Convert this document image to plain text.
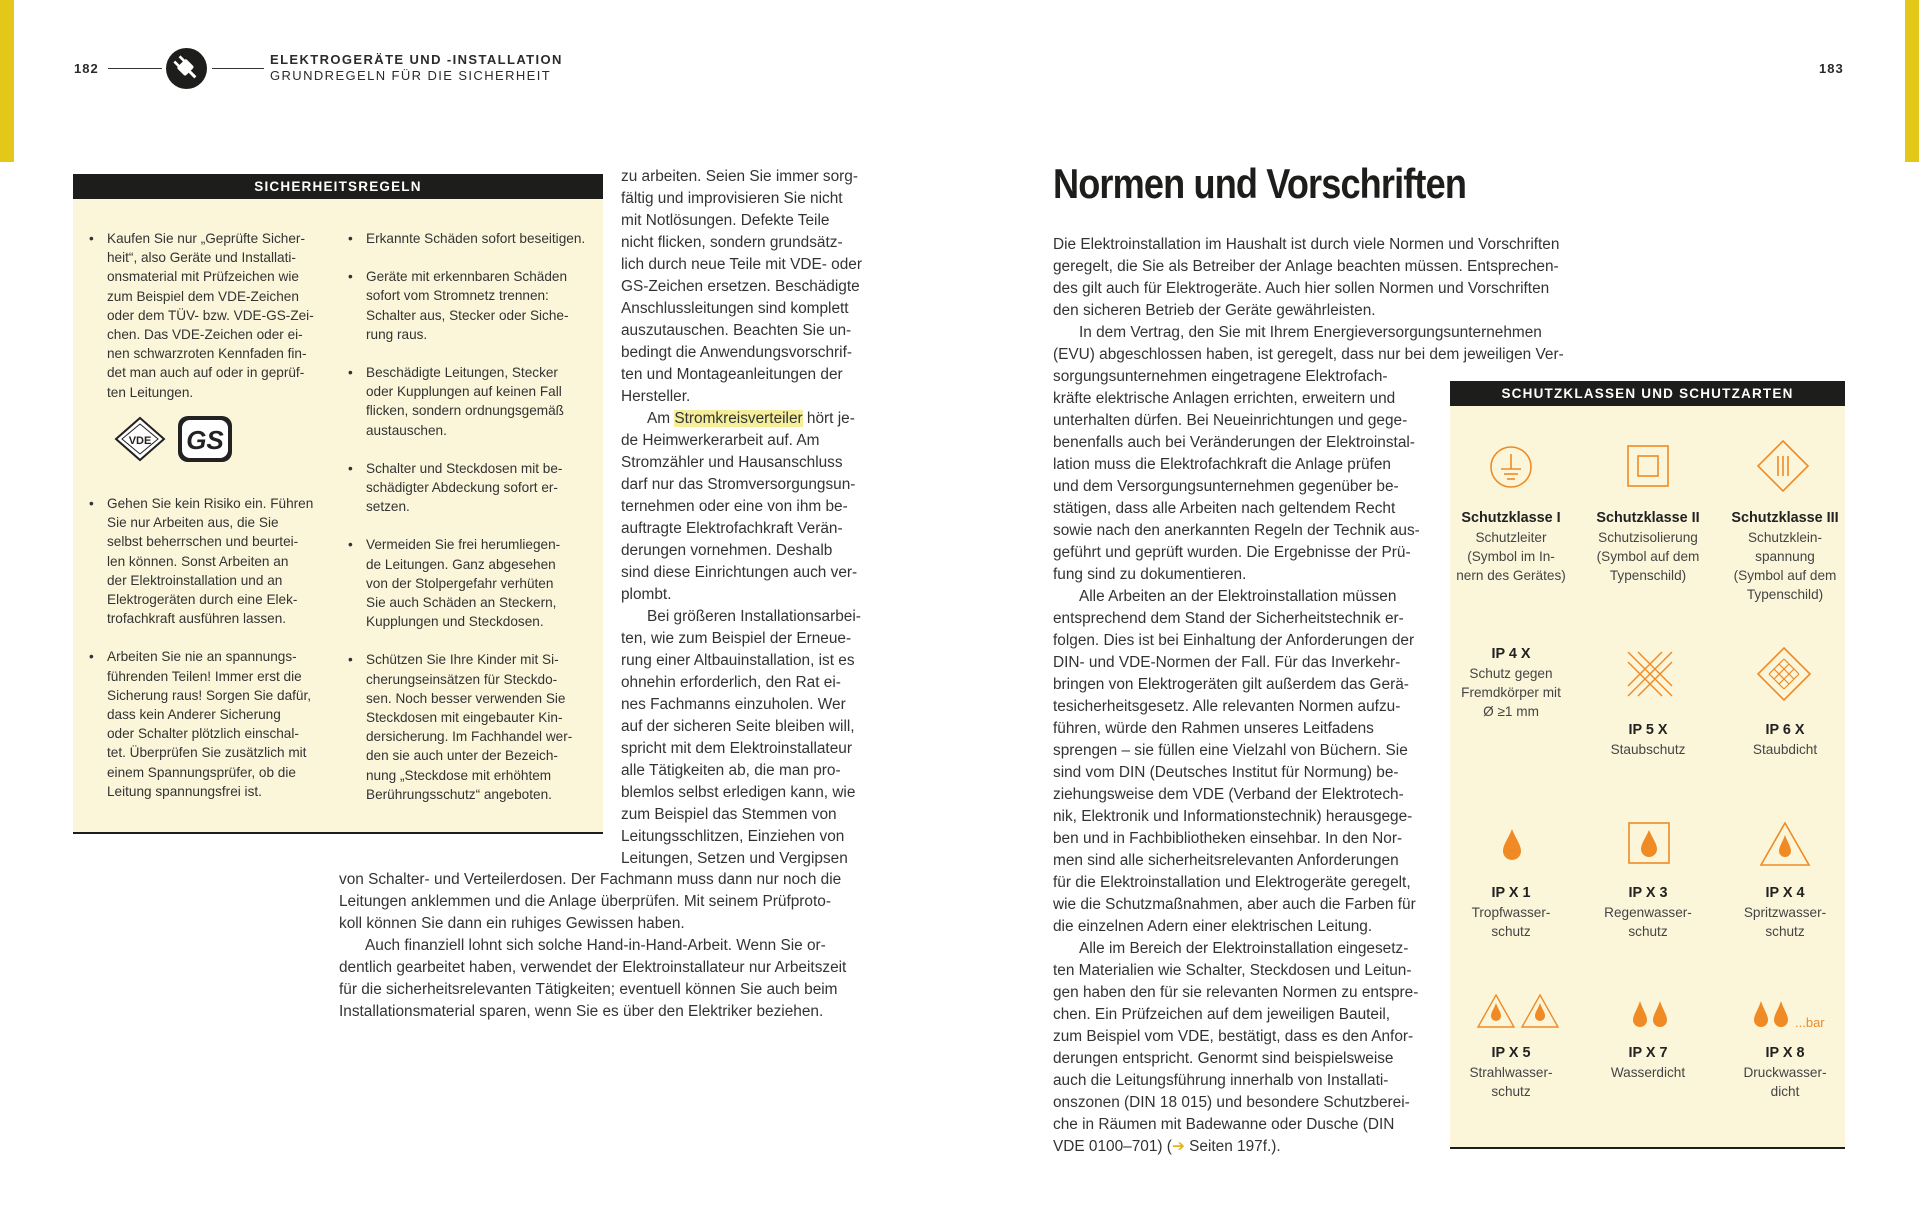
182
ELEKTROGERÄTE UND -INSTALLATION
GRUNDREGELN FÜR DIE SICHERHEIT	183
SICHERHEITSREGELN
• Kaufen Sie nur „Geprüfte Sicher-
heit“, also Geräte und Installati-
onsmaterial mit Prüfzeichen wie
zum Beispiel dem VDE-Zeichen
oder dem TÜV- bzw. VDE-GS-Zei-
chen. Das VDE-Zeichen oder ei-
nen schwarzroten Kennfaden fin-
det man auch auf oder in geprüf-
ten Leitungen.
VDE GS
• Gehen Sie kein Risiko ein. Führen
Sie nur Arbeiten aus, die Sie
selbst beherrschen und beurtei-
len können. Sonst Arbeiten an
der Elektroinstallation und an
Elektrogeräten durch eine Elek-
trofachkraft ausführen lassen.
• Arbeiten Sie nie an spannungs-
führenden Teilen! Immer erst die
Sicherung raus! Sorgen Sie dafür,
dass kein Anderer Sicherung
oder Schalter plötzlich einschal-
tet. Überprüfen Sie zusätzlich mit
einem Spannungsprüfer, ob die
Leitung spannungsfrei ist.
• Erkannte Schäden sofort beseitigen.
• Geräte mit erkennbaren Schäden
sofort vom Stromnetz trennen:
Schalter aus, Stecker oder Siche-
rung raus.
• Beschädigte Leitungen, Stecker
oder Kupplungen auf keinen Fall
flicken, sondern ordnungsgemäß
austauschen.
• Schalter und Steckdosen mit be-
schädigter Abdeckung sofort er-
setzen.
• Vermeiden Sie frei herumliegen-
de Leitungen. Ganz abgesehen
von der Stolpergefahr verhüten
Sie auch Schäden an Steckern,
Kupplungen und Steckdosen.
• Schützen Sie Ihre Kinder mit Si-
cherungseinsätzen für Steckdo-
sen. Noch besser verwenden Sie
Steckdosen mit eingebauter Kin-
dersicherung. Im Fachhandel wer-
den sie auch unter der Bezeich-
nung „Steckdose mit erhöhtem
Berührungsschutz“ angeboten.

zu arbeiten. Seien Sie immer sorg-
fältig und improvisieren Sie nicht
mit Notlösungen. Defekte Teile
nicht flicken, sondern grundsätz-
lich durch neue Teile mit VDE- oder
GS-Zeichen ersetzen. Beschädigte
Anschlussleitungen sind komplett
auszutauschen. Beachten Sie un-
bedingt die Anwendungsvorschrif-
ten und Montageanleitungen der
Hersteller.

Am Stromkreisverteiler hört je-
de Heimwerkerarbeit auf. Am
Stromzähler und Hausanschluss
darf nur das Stromversorgungsun-
ternehmen oder eine von ihm be-
auftragte Elektrofachkraft Verän-
derungen vornehmen. Deshalb
sind diese Einrichtungen auch ver-
plombt.

Bei größeren Installationsarbei-
ten, wie zum Beispiel der Erneue-
rung einer Altbauinstallation, ist es
ohnehin erforderlich, den Rat ei-
nes Fachmanns einzuholen. Wer
auf der sicheren Seite bleiben will,
spricht mit dem Elektroinstallateur
alle Tätigkeiten ab, die man pro-
blemlos selbst erledigen kann, wie
zum Beispiel das Stemmen von
Leitungsschlitzen, Einziehen von
Leitungen, Setzen und Vergipsen

von Schalter- und Verteilerdosen. Der Fachmann muss dann nur noch die
Leitungen anklemmen und die Anlage überprüfen. Mit seinem Prüfproto-
koll können Sie dann ein ruhiges Gewissen haben.

Auch finanziell lohnt sich solche Hand-in-Hand-Arbeit. Wenn Sie or-
dentlich gearbeitet haben, verwendet der Elektroinstallateur nur Arbeitszeit
für die sicherheitsrelevanten Tätigkeiten; eventuell können Sie auch beim
Installationsmaterial sparen, wenn Sie es über den Elektriker beziehen.

Normen und Vorschriften

Die Elektroinstallation im Haushalt ist durch viele Normen und Vorschriften
geregelt, die Sie als Betreiber der Anlage beachten müssen. Entsprechen-
des gilt auch für Elektrogeräte. Auch hier sollen Normen und Vorschriften
den sicheren Betrieb der Geräte gewährleisten.

In dem Vertrag, den Sie mit Ihrem Energieversorgungsunternehmen
(EVU) abgeschlossen haben, ist geregelt, dass nur bei dem jeweiligen Ver-

sorgungsunternehmen eingetragene Elektrofach-
kräfte elektrische Anlagen errichten, erweitern und
unterhalten dürfen. Bei Neueinrichtungen und gege-
benenfalls auch bei Veränderungen der Elektroinstal-
lation muss die Elektrofachkraft die Anlage prüfen
und dem Versorgungsunternehmen gegenüber be-
stätigen, dass alle Arbeiten nach geltendem Recht
sowie nach den anerkannten Regeln der Technik aus-
geführt und geprüft wurden. Die Ergebnisse der Prü-
fung sind zu dokumentieren.

Alle Arbeiten an der Elektroinstallation müssen
entsprechend dem Stand der Sicherheitstechnik er-
folgen. Dies ist bei Einhaltung der Anforderungen der
DIN- und VDE-Normen der Fall. Für das Inverkehr-
bringen von Elektrogeräten gilt außerdem das Gerä-
tesicherheitsgesetz. Alle relevanten Normen aufzu-
führen, würde den Rahmen unseres Leitfadens
sprengen – sie füllen eine Vielzahl von Büchern. Sie
sind vom DIN (Deutsches Institut für Normung) be-
ziehungsweise dem VDE (Verband der Elektrotech-
nik, Elektronik und Informationstechnik) herausgege-
ben und in Fachbibliotheken einsehbar. In den Nor-
men sind alle sicherheitsrelevanten Anforderungen
für die Elektroinstallation und Elektrogeräte geregelt,
wie die Schutzmaßnahmen, aber auch die Farben für
die einzelnen Adern einer elektrischen Leitung.

Alle im Bereich der Elektroinstallation eingesetz-
ten Materialien wie Schalter, Steckdosen und Leitun-
gen haben den für sie relevanten Normen zu entspre-
chen. Ein Prüfzeichen auf dem jeweiligen Bauteil,
zum Beispiel vom VDE, bestätigt, dass es den Anfor-
derungen entspricht. Genormt sind beispielsweise
auch die Leitungsführung innerhalb von Installati-
onszonen (DIN 18 015) und besondere Schutzberei-
che in Räumen mit Badewanne oder Dusche (DIN
VDE 0100–701) (➔ Seiten 197f.).

SCHUTZKLASSEN UND SCHUTZARTEN
...bar
Schutzklasse I
Schutzleiter
(Symbol im In-
nern des Gerätes)
Schutzklasse II
Schutzisolierung
(Symbol auf dem
Typenschild)
Schutzklasse III
Schutzklein-
spannung
(Symbol auf dem
Typenschild)
IP 4 X
Schutz gegen
Fremdkörper mit
Ø ≥1 mm
IP 5 X
Staubschutz
IP 6 X
Staubdicht
IP X 1
Tropfwasser-
schutz
IP X 3
Regenwasser-
schutz
IP X 4
Spritzwasser-
schutz
IP X 5
Strahlwasser-
schutz
IP X 7
Wasserdicht
IP X 8
Druckwasser-
dicht
